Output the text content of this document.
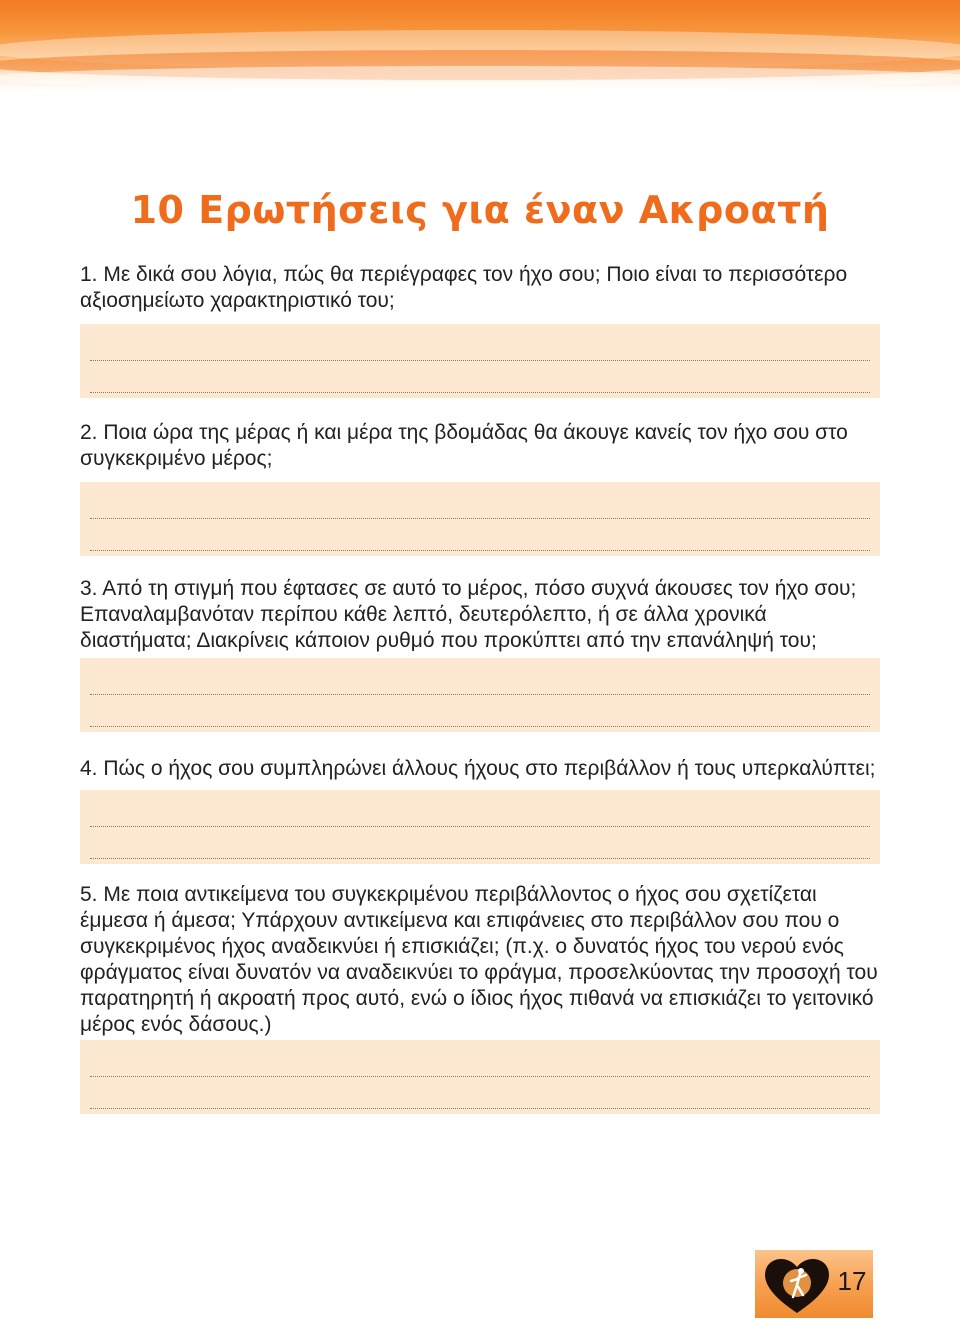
10 Ερωτήσεις για έναν Ακροατή
1. Με δικά σου λόγια, πώς θα περιέγραφες τον ήχο σου; Ποιο είναι το περισσότερο αξιοσημείωτο χαρακτηριστικό του;
2. Ποια ώρα της μέρας ή και μέρα της βδομάδας θα άκουγε κανείς τον ήχο σου στο συγκεκριμένο μέρος;
3. Από τη στιγμή που έφτασες σε αυτό το μέρος, πόσο συχνά άκουσες τον ήχο σου; Επαναλαμβανόταν περίπου κάθε λεπτό, δευτερόλεπτο, ή σε άλλα χρονικά διαστήματα; Διακρίνεις κάποιον ρυθμό που προκύπτει από την επανάληψή του;
4. Πώς ο ήχος σου συμπληρώνει άλλους ήχους στο περιβάλλον ή τους υπερκαλύπτει;
5. Με ποια αντικείμενα του συγκεκριμένου περιβάλλοντος ο ήχος σου σχετίζεται έμμεσα ή άμεσα; Υπάρχουν αντικείμενα και επιφάνειες στο περιβάλλον σου που ο συγκεκριμένος ήχος αναδεικνύει ή επισκιάζει; (π.χ. ο δυνατός ήχος του νερού ενός φράγματος είναι δυνατόν να αναδεικνύει το φράγμα, προσελκύοντας την προσοχή του παρατηρητή ή ακροατή προς αυτό, ενώ ο ίδιος ήχος πιθανά να επισκιάζει το γειτονικό μέρος ενός δάσους.)
17
